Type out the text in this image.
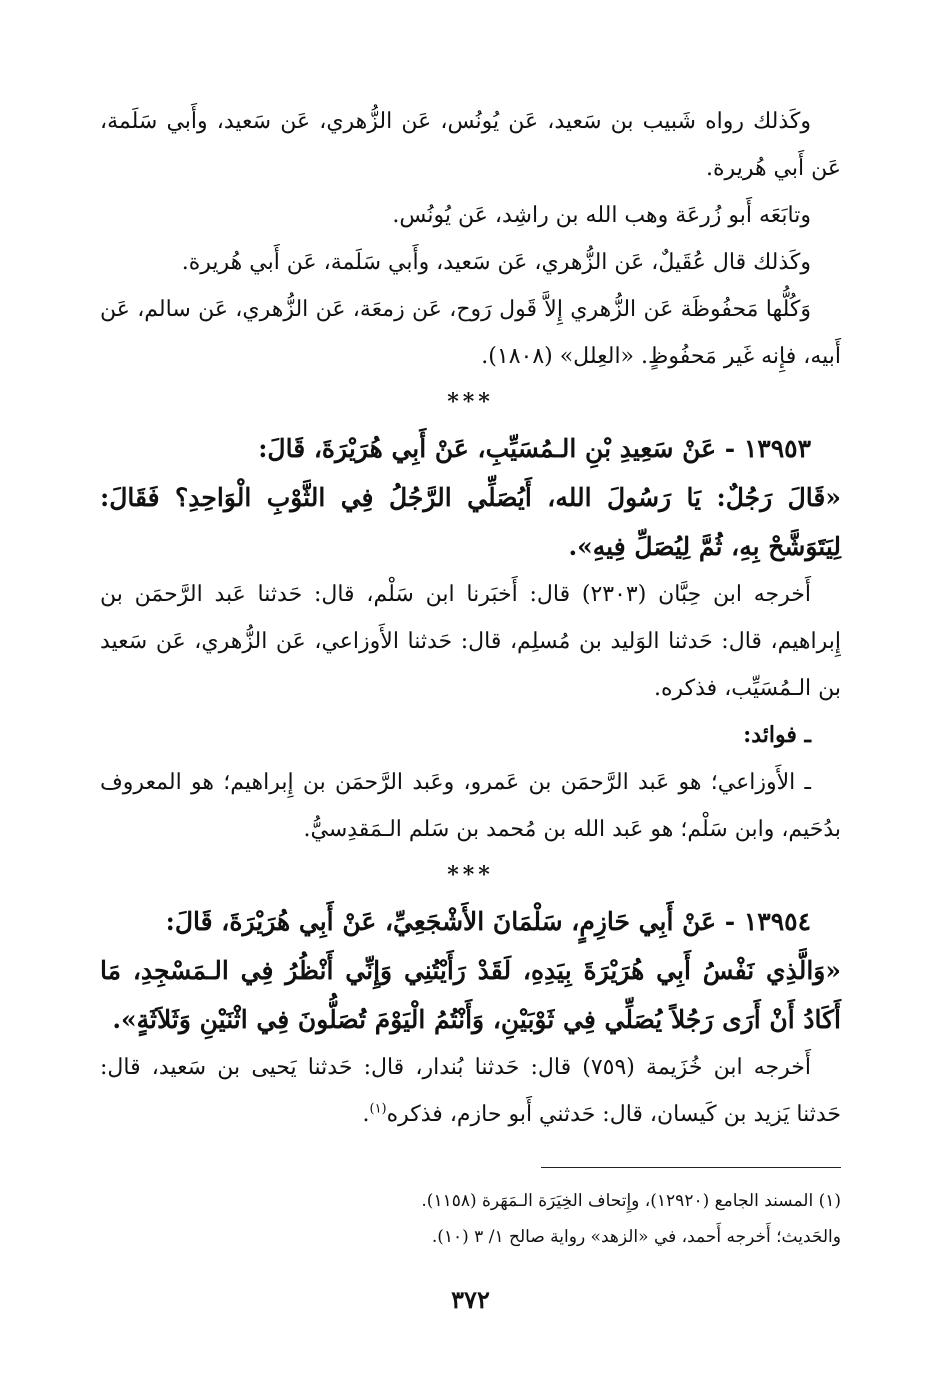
وكَذلك رواه شَبيب بن سَعيد، عَن يُونُس، عَن الزُّهري، عَن سَعيد، وأَبي سَلَمة، عَن أَبي هُريرة.

وتابَعَه أَبو زُرعَة وهب الله بن راشِد، عَن يُونُس.

وكَذلك قال عُقَيلٌ، عَن الزُّهري، عَن سَعيد، وأَبي سَلَمة، عَن أَبي هُريرة.

وَكُلُّها مَحفُوظَة عَن الزُّهري إِلاَّ قَول رَوح، عَن زمعَة، عَن الزُّهري، عَن سالم، عَن أَبيه، فإِنه غَير مَحفُوظٍ. «العِلل» (١٨٠٨).

***

١٣٩٥٣ - عَنْ سَعِيدِ بْنِ الـمُسَيِّبِ، عَنْ أَبِي هُرَيْرَةَ، قَالَ:

«قَالَ رَجُلٌ: يَا رَسُولَ الله، أَيُصَلِّي الرَّجُلُ فِي الثَّوْبِ الْوَاحِدِ؟ فَقَالَ: لِيَتَوَشَّحْ بِهِ، ثُمَّ لِيُصَلِّ فِيهِ».

أَخرجه ابن حِبَّان (٢٣٠٣) قال: أَخبَرنا ابن سَلْم، قال: حَدثنا عَبد الرَّحمَن بن إِبراهيم، قال: حَدثنا الوَليد بن مُسلِم، قال: حَدثنا الأَوزاعي، عَن الزُّهري، عَن سَعيد بن الـمُسَيِّب، فذكره.

ـ فوائد:

ـ الأَوزاعي؛ هو عَبد الرَّحمَن بن عَمرو، وعَبد الرَّحمَن بن إِبراهيم؛ هو المعروف بدُحَيم، وابن سَلْم؛ هو عَبد الله بن مُحمد بن سَلم الـمَقدِسيُّ.

***

١٣٩٥٤ - عَنْ أَبِي حَازِمٍ، سَلْمَانَ الأَشْجَعِيِّ، عَنْ أَبِي هُرَيْرَةَ، قَالَ:

«وَالَّذِي نَفْسُ أَبِي هُرَيْرَةَ بِيَدِهِ، لَقَدْ رَأَيْتُنِي وَإِنِّي أَنْظُرُ فِي الـمَسْجِدِ، مَا أَكَادُ أَنْ أَرَى رَجُلاً يُصَلِّي فِي ثَوْبَيْنِ، وَأَنْتُمُ الْيَوْمَ تُصَلُّونَ فِي اثْنَيْنِ وَثَلاَثَةٍ».

أَخرجه ابن خُزَيمة (٧٥٩) قال: حَدثنا بُندار، قال: حَدثنا يَحيى بن سَعيد، قال: حَدثنا يَزيد بن كَيسان، قال: حَدثني أَبو حازم، فذكره$^{(١)}$.

(١) المسند الجامع (١٢٩٢٠)، وإِتحاف الخِيَرَة الـمَهَرة (١١٥٨).

والحَديث؛ أَخرجه أَحمد، في «الزهد» رواية صالح ١/ ٣ (١٠).

٣٧٢
